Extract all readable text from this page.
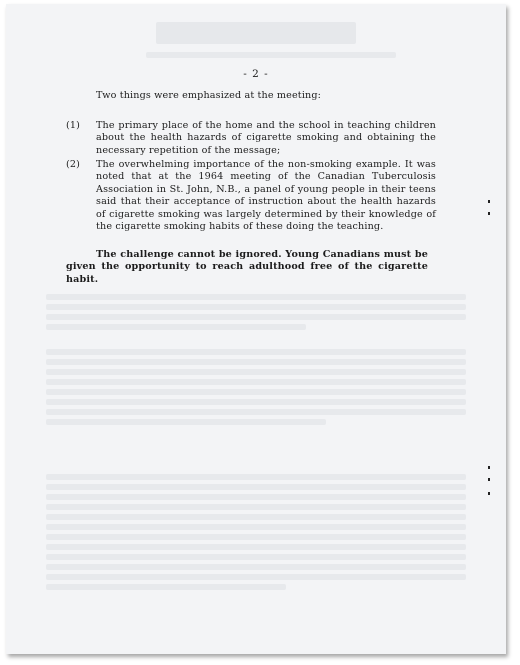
- 2 -
Two things were emphasized at the meeting:
(1) The primary place of the home and the school in teaching children about the health hazards of cigarette smoking and obtaining the necessary repetition of the message;
(2) The overwhelming importance of the non-smoking example. It was noted that at the 1964 meeting of the Canadian Tuberculosis Association in St. John, N.B., a panel of young people in their teens said that their acceptance of instruction about the health hazards of cigarette smoking was largely determined by their knowledge of the cigarette smoking habits of these doing the teaching.
The challenge cannot be ignored. Young Canadians must be given the opportunity to reach adulthood free of the cigarette habit.
